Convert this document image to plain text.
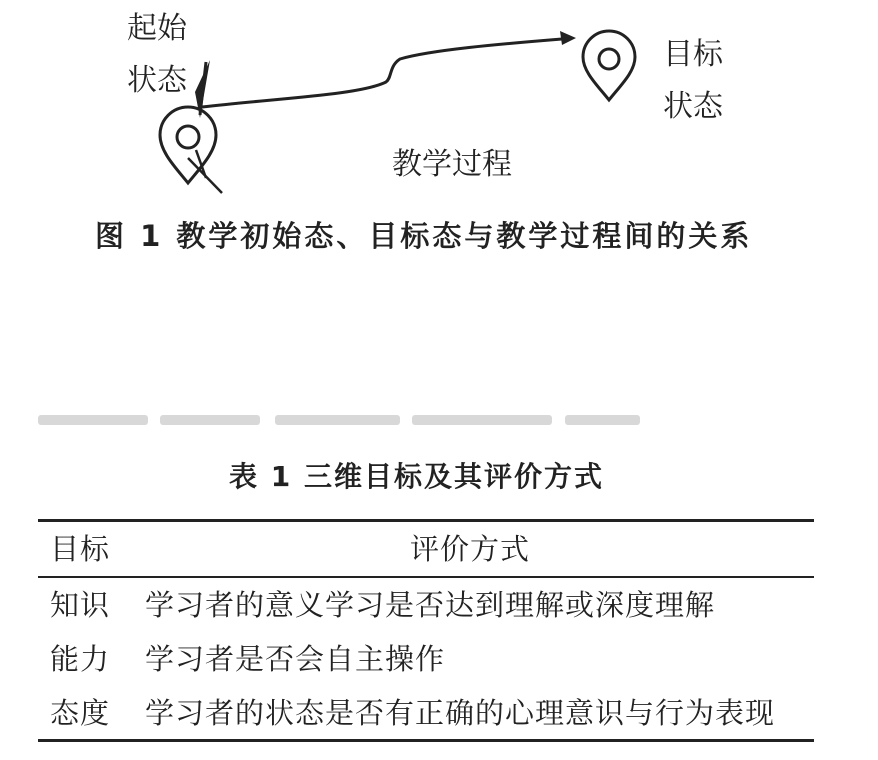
起始
状态
目标
状态
教学过程
图 1 教学初始态、目标态与教学过程间的关系
表 1 三维目标及其评价方式
目标	评价方式
知识 学习者的意义学习是否达到理解或深度理解
能力 学习者是否会自主操作
态度 学习者的状态是否有正确的心理意识与行为表现
